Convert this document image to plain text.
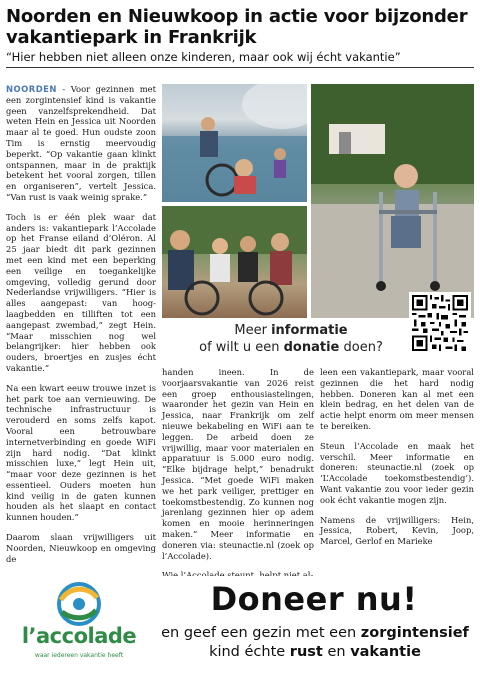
Noorden en Nieuwkoop in actie voor bijzonder vakantiepark in Frankrijk
“Hier hebben niet alleen onze kinderen, maar ook wij écht vakantie”

NOORDEN - Voor gezinnen met een zorgintensief kind is vakantie geen vanzelfsprekendheid. Dat weten Hein en Jessica uit Noorden maar al te goed. Hun oudste zoon Tim is ernstig meervoudig beperkt. “Op vakantie gaan klinkt ontspannen, maar in de praktijk betekent het vooral zorgen, tillen en organiseren”, vertelt Jessica. “Van rust is vaak weinig sprake.”

Toch is er één plek waar dat anders is: vakantiepark l’Accolade op het Franse eiland d’Oléron. Al 25 jaar biedt dit park gezinnen met een kind met een beperking een veilige en toegankelijke omgeving, volledig gerund door Nederlandse vrijwilligers. “Hier is alles aangepast: van hoog-laagbedden en tilliften tot een aangepast zwembad,” zegt Hein. “Maar misschien nog wel belangrijker: hier hebben ook ouders, broertjes en zusjes écht vakantie.”

Na een kwart eeuw trouwe inzet is het park toe aan vernieuwing. De technische infrastructuur is verouderd en soms zelfs kapot. Vooral een betrouwbare internetverbinding en goede WiFi zijn hard nodig. “Dat klinkt misschien luxe,” legt Hein uit, “maar voor deze gezinnen is het essentieel. Ouders moeten hun kind veilig in de gaten kunnen houden als het slaapt en contact kunnen houden.”

Daarom slaan vrijwilligers uit Noorden, Nieuwkoop en omgeving de

Meer informatie
of wilt u een donatie doen?

handen ineen. In de voorjaarsvakantie van 2026 reist een groep enthousiastelingen, waaronder het gezin van Hein en Jessica, naar Frankrijk om zelf nieuwe bekabeling en WiFi aan te leggen. De arbeid doen ze vrijwillig, maar voor materialen en apparatuur is 5.000 euro nodig. “Elke bijdrage helpt,” benadrukt Jessica. “Met goede WiFi maken we het park veiliger, prettiger en toekomstbestendig. Zo kunnen nog jarenlang gezinnen hier op adem komen en mooie herinneringen maken.” Meer informatie en doneren via: steunactie.nl (zoek op l’Accolade).

leen een vakantiepark, maar vooral gezinnen die het hard nodig hebben. Doneren kan al met een klein bedrag, en het delen van de actie helpt enorm om meer mensen te bereiken.

Steun l’Accolade en maak het verschil. Meer informatie en doneren: steunactie.nl (zoek op ‘L’Accolade toekomstbestendig’). Want vakantie zou voor ieder gezin ook écht vakantie mogen zijn.

Namens de vrijwilligers: Hein, Jessica, Robert, Kevin, Joop, Marcel, Gerlof en Marieke

l’accolade
waar iedereen vakantie heeft
Doneer nu!
en geef een gezin met een zorgintensief
kind échte rust en vakantie
